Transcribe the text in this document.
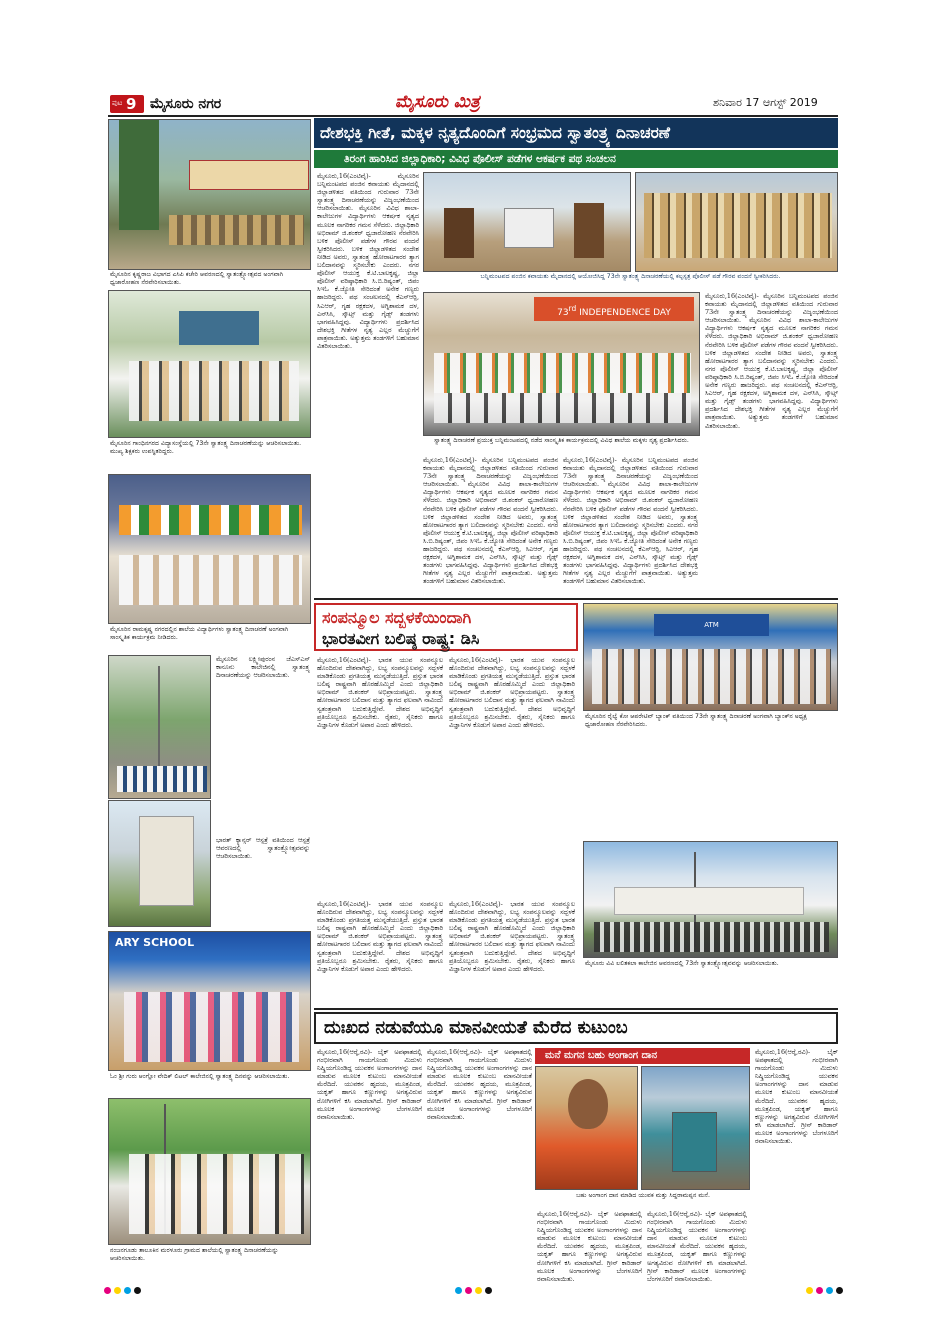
ಪುಟ 9 ಮೈಸೂರು ನಗರ	ಮೈಸೂರು ಮಿತ್ರ	ಶನಿವಾರ 17 ಆಗಸ್ಟ್ 2019
ಮೈಸೂರಿನ ಕೃಷ್ಣರಾಜ ವಿಭಾಗದ ಎಸಿಪಿ ಕಚೇರಿ ಆವರಣದಲ್ಲಿ ಸ್ವಾತಂತ್ರ್ಯೋತ್ಸವದ ಅಂಗವಾಗಿ ಧ್ವಜಾರೋಹಣ ನೆರವೇರಿಸಲಾಯಿತು.
ಮೈಸೂರಿನ ಗಾಂಧಿನಗರದ ವಿದ್ಯಾಸಂಸ್ಥೆಯಲ್ಲಿ 73ನೇ ಸ್ವಾತಂತ್ರ್ಯ ದಿನಾಚರಣೆಯನ್ನು ಆಚರಿಸಲಾಯಿತು. ಮುಖ್ಯ ಶಿಕ್ಷಕರು ಉಪಸ್ಥಿತರಿದ್ದರು.
ಮೈಸೂರಿನ ರಾಮಕೃಷ್ಣ ನಗರದಲ್ಲಿನ ಶಾಲೆಯ ವಿದ್ಯಾರ್ಥಿಗಳು ಸ್ವಾತಂತ್ರ್ಯ ದಿನಾಚರಣೆ ಅಂಗವಾಗಿ ಸಾಂಸ್ಕೃತಿಕ ಕಾರ್ಯಕ್ರಮ ನೀಡಿದರು.
ಮೈಸೂರಿನ ಲಕ್ಷ್ಮೀಪುರಂನ ಜೆಎಸ್‍ಎಸ್ ಕಾನೂನು ಕಾಲೇಜಿನಲ್ಲಿ ಸ್ವಾತಂತ್ರ್ಯ ದಿನಾಚರಣೆಯನ್ನು ಆಚರಿಸಲಾಯಿತು.
ಭಾರತ್ ಕ್ಯಾನ್ಸರ್ ಆಸ್ಪತ್ರೆ ವತಿಯಿಂದ ಆಸ್ಪತ್ರೆ ಆವರಣದಲ್ಲಿ ಸ್ವಾತಂತ್ರ್ಯೋತ್ಸವವನ್ನು ಆಚರಿಸಲಾಯಿತು.
ARY SCHOOL
ಓಂ ಶ್ರೀ ಗುರು ಆಂಗ್ಲೋ ವೇದಿಕ್ ಲಿಟಲ್ ಕಾಲೇಜಿನಲ್ಲಿ ಸ್ವಾತಂತ್ರ್ಯ ದಿನವನ್ನು ಆಚರಿಸಲಾಯಿತು.
ನಂಜನಗೂಡು ತಾಲೂಕಿನ ಮರಳೂರು ಗ್ರಾಮದ ಶಾಲೆಯಲ್ಲಿ ಸ್ವಾತಂತ್ರ್ಯ ದಿನಾಚರಣೆಯನ್ನು ಆಚರಿಸಲಾಯಿತು.
ದೇಶಭಕ್ತಿ ಗೀತೆ, ಮಕ್ಕಳ ನೃತ್ಯದೊಂದಿಗೆ ಸಂಭ್ರಮದ ಸ್ವಾತಂತ್ರ್ಯ ದಿನಾಚರಣೆ
ತಿರಂಗ ಹಾರಿಸಿದ ಜಿಲ್ಲಾಧಿಕಾರಿ; ವಿವಿಧ ಪೊಲೀಸ್ ಪಡೆಗಳ ಆಕರ್ಷಕ ಪಥ ಸಂಚಲನ
ಮೈಸೂರು,16(ಎಂಟಿವೈ)- ಮೈಸೂರಿನ ಬನ್ನಿಮಂಟಪದ ಪಂಜಿನ ಕವಾಯತು ಮೈದಾನದಲ್ಲಿ ಜಿಲ್ಲಾಡಳಿತದ ವತಿಯಿಂದ ಗುರುವಾರ 73ನೇ ಸ್ವಾತಂತ್ರ್ಯ ದಿನಾಚರಣೆಯನ್ನು ವಿಜೃಂಭಣೆಯಿಂದ ಆಚರಿಸಲಾಯಿತು. ಮೈಸೂರಿನ ವಿವಿಧ ಶಾಲಾ-ಕಾಲೇಜುಗಳ ವಿದ್ಯಾರ್ಥಿಗಳು ಆಕರ್ಷಕ ನೃತ್ಯದ ಮೂಲಕ ನಾಗರಿಕರ ಗಮನ ಸೆಳೆದರು. ಜಿಲ್ಲಾಧಿಕಾರಿ ಅಭಿರಾಮ್ ಜಿ.ಶಂಕರ್ ಧ್ವಜಾರೋಹಣ ನೆರವೇರಿಸಿ ಬಳಿಕ ಪೊಲೀಸ್ ಪಡೆಗಳ ಗೌರವ ವಂದನೆ ಸ್ವೀಕರಿಸಿದರು. ಬಳಿಕ ಜಿಲ್ಲಾಡಳಿತದ ಸಂದೇಶ ನೀಡಿದ ಅವರು, ಸ್ವಾತಂತ್ರ್ಯ ಹೋರಾಟಗಾರರ ತ್ಯಾಗ ಬಲಿದಾನವನ್ನು ಸ್ಮರಿಸಬೇಕು ಎಂದರು. ನಗರ ಪೊಲೀಸ್ ಆಯುಕ್ತ ಕೆ.ಟಿ.ಬಾಲಕೃಷ್ಣ, ಜಿಲ್ಲಾ ಪೊಲೀಸ್ ವರಿಷ್ಠಾಧಿಕಾರಿ ಸಿ.ಬಿ.ರಿಷ್ಯಂತ್, ಜಿಪಂ ಸಿಇಓ ಕೆ.ಜ್ಯೋತಿ ಸೇರಿದಂತೆ ಅನೇಕ ಗಣ್ಯರು ಹಾಜರಿದ್ದರು. ಪಥ ಸಂಚಲನದಲ್ಲಿ ಕೆಎಸ್‍ಆರ್‍ಪಿ, ಸಿಎಆರ್, ಗೃಹ ರಕ್ಷಕದಳ, ಅಗ್ನಿಶಾಮಕ ದಳ, ಎನ್‍ಸಿಸಿ, ಸ್ಕೌಟ್ಸ್ ಮತ್ತು ಗೈಡ್ಸ್ ತಂಡಗಳು ಭಾಗವಹಿಸಿದ್ದವು. ವಿದ್ಯಾರ್ಥಿಗಳು ಪ್ರದರ್ಶಿಸಿದ ದೇಶಭಕ್ತಿ ಗೀತೆಗಳ ನೃತ್ಯ ಎಲ್ಲರ ಮೆಚ್ಚುಗೆಗೆ ಪಾತ್ರವಾಯಿತು. ಅತ್ಯುತ್ತಮ ತಂಡಗಳಿಗೆ ಬಹುಮಾನ ವಿತರಿಸಲಾಯಿತು.
ಬನ್ನಿಮಂಟಪದ ಪಂಜಿನ ಕವಾಯತು ಮೈದಾನದಲ್ಲಿ ಆಯೋಜಿಸಿದ್ದ 73ನೇ ಸ್ವಾತಂತ್ರ್ಯ ದಿನಾಚರಣೆಯಲ್ಲಿ ಕಲ್ಪಸ್ಪತ್ರ ಪೊಲೀಸ್ ಪಡೆ ಗೌರವ ವಂದನೆ ಸ್ವೀಕರಿಸಿದರು.
73rd INDEPENDENCE DAY
ಸ್ವಾತಂತ್ರ್ಯ ದಿನಾಚರಣೆ ಪ್ರಯುಕ್ತ ಬನ್ನಿಮಂಟಪದಲ್ಲಿ ನಡೆದ ಸಾಂಸ್ಕೃತಿಕ ಕಾರ್ಯಕ್ರಮದಲ್ಲಿ ವಿವಿಧ ಶಾಲೆಯ ಮಕ್ಕಳು ನೃತ್ಯ ಪ್ರದರ್ಶಿಸಿದರು.
ಮೈಸೂರು,16(ಎಂಟಿವೈ)- ಮೈಸೂರಿನ ಬನ್ನಿಮಂಟಪದ ಪಂಜಿನ ಕವಾಯತು ಮೈದಾನದಲ್ಲಿ ಜಿಲ್ಲಾಡಳಿತದ ವತಿಯಿಂದ ಗುರುವಾರ 73ನೇ ಸ್ವಾತಂತ್ರ್ಯ ದಿನಾಚರಣೆಯನ್ನು ವಿಜೃಂಭಣೆಯಿಂದ ಆಚರಿಸಲಾಯಿತು. ಮೈಸೂರಿನ ವಿವಿಧ ಶಾಲಾ-ಕಾಲೇಜುಗಳ ವಿದ್ಯಾರ್ಥಿಗಳು ಆಕರ್ಷಕ ನೃತ್ಯದ ಮೂಲಕ ನಾಗರಿಕರ ಗಮನ ಸೆಳೆದರು. ಜಿಲ್ಲಾಧಿಕಾರಿ ಅಭಿರಾಮ್ ಜಿ.ಶಂಕರ್ ಧ್ವಜಾರೋಹಣ ನೆರವೇರಿಸಿ ಬಳಿಕ ಪೊಲೀಸ್ ಪಡೆಗಳ ಗೌರವ ವಂದನೆ ಸ್ವೀಕರಿಸಿದರು. ಬಳಿಕ ಜಿಲ್ಲಾಡಳಿತದ ಸಂದೇಶ ನೀಡಿದ ಅವರು, ಸ್ವಾತಂತ್ರ್ಯ ಹೋರಾಟಗಾರರ ತ್ಯಾಗ ಬಲಿದಾನವನ್ನು ಸ್ಮರಿಸಬೇಕು ಎಂದರು. ನಗರ ಪೊಲೀಸ್ ಆಯುಕ್ತ ಕೆ.ಟಿ.ಬಾಲಕೃಷ್ಣ, ಜಿಲ್ಲಾ ಪೊಲೀಸ್ ವರಿಷ್ಠಾಧಿಕಾರಿ ಸಿ.ಬಿ.ರಿಷ್ಯಂತ್, ಜಿಪಂ ಸಿಇಓ ಕೆ.ಜ್ಯೋತಿ ಸೇರಿದಂತೆ ಅನೇಕ ಗಣ್ಯರು ಹಾಜರಿದ್ದರು. ಪಥ ಸಂಚಲನದಲ್ಲಿ ಕೆಎಸ್‍ಆರ್‍ಪಿ, ಸಿಎಆರ್, ಗೃಹ ರಕ್ಷಕದಳ, ಅಗ್ನಿಶಾಮಕ ದಳ, ಎನ್‍ಸಿಸಿ, ಸ್ಕೌಟ್ಸ್ ಮತ್ತು ಗೈಡ್ಸ್ ತಂಡಗಳು ಭಾಗವಹಿಸಿದ್ದವು. ವಿದ್ಯಾರ್ಥಿಗಳು ಪ್ರದರ್ಶಿಸಿದ ದೇಶಭಕ್ತಿ ಗೀತೆಗಳ ನೃತ್ಯ ಎಲ್ಲರ ಮೆಚ್ಚುಗೆಗೆ ಪಾತ್ರವಾಯಿತು. ಅತ್ಯುತ್ತಮ ತಂಡಗಳಿಗೆ ಬಹುಮಾನ ವಿತರಿಸಲಾಯಿತು.
ಮೈಸೂರು,16(ಎಂಟಿವೈ)- ಮೈಸೂರಿನ ಬನ್ನಿಮಂಟಪದ ಪಂಜಿನ ಕವಾಯತು ಮೈದಾನದಲ್ಲಿ ಜಿಲ್ಲಾಡಳಿತದ ವತಿಯಿಂದ ಗುರುವಾರ 73ನೇ ಸ್ವಾತಂತ್ರ್ಯ ದಿನಾಚರಣೆಯನ್ನು ವಿಜೃಂಭಣೆಯಿಂದ ಆಚರಿಸಲಾಯಿತು. ಮೈಸೂರಿನ ವಿವಿಧ ಶಾಲಾ-ಕಾಲೇಜುಗಳ ವಿದ್ಯಾರ್ಥಿಗಳು ಆಕರ್ಷಕ ನೃತ್ಯದ ಮೂಲಕ ನಾಗರಿಕರ ಗಮನ ಸೆಳೆದರು. ಜಿಲ್ಲಾಧಿಕಾರಿ ಅಭಿರಾಮ್ ಜಿ.ಶಂಕರ್ ಧ್ವಜಾರೋಹಣ ನೆರವೇರಿಸಿ ಬಳಿಕ ಪೊಲೀಸ್ ಪಡೆಗಳ ಗೌರವ ವಂದನೆ ಸ್ವೀಕರಿಸಿದರು. ಬಳಿಕ ಜಿಲ್ಲಾಡಳಿತದ ಸಂದೇಶ ನೀಡಿದ ಅವರು, ಸ್ವಾತಂತ್ರ್ಯ ಹೋರಾಟಗಾರರ ತ್ಯಾಗ ಬಲಿದಾನವನ್ನು ಸ್ಮರಿಸಬೇಕು ಎಂದರು. ನಗರ ಪೊಲೀಸ್ ಆಯುಕ್ತ ಕೆ.ಟಿ.ಬಾಲಕೃಷ್ಣ, ಜಿಲ್ಲಾ ಪೊಲೀಸ್ ವರಿಷ್ಠಾಧಿಕಾರಿ ಸಿ.ಬಿ.ರಿಷ್ಯಂತ್, ಜಿಪಂ ಸಿಇಓ ಕೆ.ಜ್ಯೋತಿ ಸೇರಿದಂತೆ ಅನೇಕ ಗಣ್ಯರು ಹಾಜರಿದ್ದರು. ಪಥ ಸಂಚಲನದಲ್ಲಿ ಕೆಎಸ್‍ಆರ್‍ಪಿ, ಸಿಎಆರ್, ಗೃಹ ರಕ್ಷಕದಳ, ಅಗ್ನಿಶಾಮಕ ದಳ, ಎನ್‍ಸಿಸಿ, ಸ್ಕೌಟ್ಸ್ ಮತ್ತು ಗೈಡ್ಸ್ ತಂಡಗಳು ಭಾಗವಹಿಸಿದ್ದವು. ವಿದ್ಯಾರ್ಥಿಗಳು ಪ್ರದರ್ಶಿಸಿದ ದೇಶಭಕ್ತಿ ಗೀತೆಗಳ ನೃತ್ಯ ಎಲ್ಲರ ಮೆಚ್ಚುಗೆಗೆ ಪಾತ್ರವಾಯಿತು. ಅತ್ಯುತ್ತಮ ತಂಡಗಳಿಗೆ ಬಹುಮಾನ ವಿತರಿಸಲಾಯಿತು.
ಮೈಸೂರು,16(ಎಂಟಿವೈ)- ಮೈಸೂರಿನ ಬನ್ನಿಮಂಟಪದ ಪಂಜಿನ ಕವಾಯತು ಮೈದಾನದಲ್ಲಿ ಜಿಲ್ಲಾಡಳಿತದ ವತಿಯಿಂದ ಗುರುವಾರ 73ನೇ ಸ್ವಾತಂತ್ರ್ಯ ದಿನಾಚರಣೆಯನ್ನು ವಿಜೃಂಭಣೆಯಿಂದ ಆಚರಿಸಲಾಯಿತು. ಮೈಸೂರಿನ ವಿವಿಧ ಶಾಲಾ-ಕಾಲೇಜುಗಳ ವಿದ್ಯಾರ್ಥಿಗಳು ಆಕರ್ಷಕ ನೃತ್ಯದ ಮೂಲಕ ನಾಗರಿಕರ ಗಮನ ಸೆಳೆದರು. ಜಿಲ್ಲಾಧಿಕಾರಿ ಅಭಿರಾಮ್ ಜಿ.ಶಂಕರ್ ಧ್ವಜಾರೋಹಣ ನೆರವೇರಿಸಿ ಬಳಿಕ ಪೊಲೀಸ್ ಪಡೆಗಳ ಗೌರವ ವಂದನೆ ಸ್ವೀಕರಿಸಿದರು. ಬಳಿಕ ಜಿಲ್ಲಾಡಳಿತದ ಸಂದೇಶ ನೀಡಿದ ಅವರು, ಸ್ವಾತಂತ್ರ್ಯ ಹೋರಾಟಗಾರರ ತ್ಯಾಗ ಬಲಿದಾನವನ್ನು ಸ್ಮರಿಸಬೇಕು ಎಂದರು. ನಗರ ಪೊಲೀಸ್ ಆಯುಕ್ತ ಕೆ.ಟಿ.ಬಾಲಕೃಷ್ಣ, ಜಿಲ್ಲಾ ಪೊಲೀಸ್ ವರಿಷ್ಠಾಧಿಕಾರಿ ಸಿ.ಬಿ.ರಿಷ್ಯಂತ್, ಜಿಪಂ ಸಿಇಓ ಕೆ.ಜ್ಯೋತಿ ಸೇರಿದಂತೆ ಅನೇಕ ಗಣ್ಯರು ಹಾಜರಿದ್ದರು. ಪಥ ಸಂಚಲನದಲ್ಲಿ ಕೆಎಸ್‍ಆರ್‍ಪಿ, ಸಿಎಆರ್, ಗೃಹ ರಕ್ಷಕದಳ, ಅಗ್ನಿಶಾಮಕ ದಳ, ಎನ್‍ಸಿಸಿ, ಸ್ಕೌಟ್ಸ್ ಮತ್ತು ಗೈಡ್ಸ್ ತಂಡಗಳು ಭಾಗವಹಿಸಿದ್ದವು. ವಿದ್ಯಾರ್ಥಿಗಳು ಪ್ರದರ್ಶಿಸಿದ ದೇಶಭಕ್ತಿ ಗೀತೆಗಳ ನೃತ್ಯ ಎಲ್ಲರ ಮೆಚ್ಚುಗೆಗೆ ಪಾತ್ರವಾಯಿತು. ಅತ್ಯುತ್ತಮ ತಂಡಗಳಿಗೆ ಬಹುಮಾನ ವಿತರಿಸಲಾಯಿತು.
ಸಂಪನ್ಮೂಲ ಸದ್ಬಳಕೆಯಿಂದಾಗಿ
ಭಾರತವೀಗ ಬಲಿಷ್ಠ ರಾಷ್ಟ್ರ: ಡಿಸಿ
ಮೈಸೂರು,16(ಎಂಟಿವೈ)- ಭಾರತ ಯುವ ಸಂಪನ್ಮೂಲ ಹೊಂದಿರುವ ದೇಶವಾಗಿದ್ದು, ಲಭ್ಯ ಸಂಪನ್ಮೂಲವನ್ನು ಸದ್ಬಳಕೆ ಮಾಡಿಕೊಂಡು ಪ್ರಗತಿಯತ್ತ ಮುನ್ನಡೆಯುತ್ತಿದೆ. ಪ್ರಸ್ತುತ ಭಾರತ ಬಲಿಷ್ಠ ರಾಷ್ಟ್ರವಾಗಿ ಹೊರಹೊಮ್ಮಿದೆ ಎಂದು ಜಿಲ್ಲಾಧಿಕಾರಿ ಅಭಿರಾಮ್ ಜಿ.ಶಂಕರ್ ಅಭಿಪ್ರಾಯಪಟ್ಟರು. ಸ್ವಾತಂತ್ರ್ಯ ಹೋರಾಟಗಾರರ ಬಲಿದಾನ ಮತ್ತು ತ್ಯಾಗದ ಫಲವಾಗಿ ನಾವಿಂದು ಸ್ವತಂತ್ರವಾಗಿ ಬದುಕುತ್ತಿದ್ದೇವೆ. ದೇಶದ ಅಭಿವೃದ್ಧಿಗೆ ಪ್ರತಿಯೊಬ್ಬರೂ ಶ್ರಮಿಸಬೇಕು. ರೈತರು, ಸೈನಿಕರು ಹಾಗೂ ವಿಜ್ಞಾನಿಗಳ ಕೊಡುಗೆ ಅಪಾರ ಎಂದು ಹೇಳಿದರು.
ಮೈಸೂರು,16(ಎಂಟಿವೈ)- ಭಾರತ ಯುವ ಸಂಪನ್ಮೂಲ ಹೊಂದಿರುವ ದೇಶವಾಗಿದ್ದು, ಲಭ್ಯ ಸಂಪನ್ಮೂಲವನ್ನು ಸದ್ಬಳಕೆ ಮಾಡಿಕೊಂಡು ಪ್ರಗತಿಯತ್ತ ಮುನ್ನಡೆಯುತ್ತಿದೆ. ಪ್ರಸ್ತುತ ಭಾರತ ಬಲಿಷ್ಠ ರಾಷ್ಟ್ರವಾಗಿ ಹೊರಹೊಮ್ಮಿದೆ ಎಂದು ಜಿಲ್ಲಾಧಿಕಾರಿ ಅಭಿರಾಮ್ ಜಿ.ಶಂಕರ್ ಅಭಿಪ್ರಾಯಪಟ್ಟರು. ಸ್ವಾತಂತ್ರ್ಯ ಹೋರಾಟಗಾರರ ಬಲಿದಾನ ಮತ್ತು ತ್ಯಾಗದ ಫಲವಾಗಿ ನಾವಿಂದು ಸ್ವತಂತ್ರವಾಗಿ ಬದುಕುತ್ತಿದ್ದೇವೆ. ದೇಶದ ಅಭಿವೃದ್ಧಿಗೆ ಪ್ರತಿಯೊಬ್ಬರೂ ಶ್ರಮಿಸಬೇಕು. ರೈತರು, ಸೈನಿಕರು ಹಾಗೂ ವಿಜ್ಞಾನಿಗಳ ಕೊಡುಗೆ ಅಪಾರ ಎಂದು ಹೇಳಿದರು.
ಮೈಸೂರು,16(ಎಂಟಿವೈ)- ಭಾರತ ಯುವ ಸಂಪನ್ಮೂಲ ಹೊಂದಿರುವ ದೇಶವಾಗಿದ್ದು, ಲಭ್ಯ ಸಂಪನ್ಮೂಲವನ್ನು ಸದ್ಬಳಕೆ ಮಾಡಿಕೊಂಡು ಪ್ರಗತಿಯತ್ತ ಮುನ್ನಡೆಯುತ್ತಿದೆ. ಪ್ರಸ್ತುತ ಭಾರತ ಬಲಿಷ್ಠ ರಾಷ್ಟ್ರವಾಗಿ ಹೊರಹೊಮ್ಮಿದೆ ಎಂದು ಜಿಲ್ಲಾಧಿಕಾರಿ ಅಭಿರಾಮ್ ಜಿ.ಶಂಕರ್ ಅಭಿಪ್ರಾಯಪಟ್ಟರು. ಸ್ವಾತಂತ್ರ್ಯ ಹೋರಾಟಗಾರರ ಬಲಿದಾನ ಮತ್ತು ತ್ಯಾಗದ ಫಲವಾಗಿ ನಾವಿಂದು ಸ್ವತಂತ್ರವಾಗಿ ಬದುಕುತ್ತಿದ್ದೇವೆ. ದೇಶದ ಅಭಿವೃದ್ಧಿಗೆ ಪ್ರತಿಯೊಬ್ಬರೂ ಶ್ರಮಿಸಬೇಕು. ರೈತರು, ಸೈನಿಕರು ಹಾಗೂ ವಿಜ್ಞಾನಿಗಳ ಕೊಡುಗೆ ಅಪಾರ ಎಂದು ಹೇಳಿದರು.
ಮೈಸೂರು,16(ಎಂಟಿವೈ)- ಭಾರತ ಯುವ ಸಂಪನ್ಮೂಲ ಹೊಂದಿರುವ ದೇಶವಾಗಿದ್ದು, ಲಭ್ಯ ಸಂಪನ್ಮೂಲವನ್ನು ಸದ್ಬಳಕೆ ಮಾಡಿಕೊಂಡು ಪ್ರಗತಿಯತ್ತ ಮುನ್ನಡೆಯುತ್ತಿದೆ. ಪ್ರಸ್ತುತ ಭಾರತ ಬಲಿಷ್ಠ ರಾಷ್ಟ್ರವಾಗಿ ಹೊರಹೊಮ್ಮಿದೆ ಎಂದು ಜಿಲ್ಲಾಧಿಕಾರಿ ಅಭಿರಾಮ್ ಜಿ.ಶಂಕರ್ ಅಭಿಪ್ರಾಯಪಟ್ಟರು. ಸ್ವಾತಂತ್ರ್ಯ ಹೋರಾಟಗಾರರ ಬಲಿದಾನ ಮತ್ತು ತ್ಯಾಗದ ಫಲವಾಗಿ ನಾವಿಂದು ಸ್ವತಂತ್ರವಾಗಿ ಬದುಕುತ್ತಿದ್ದೇವೆ. ದೇಶದ ಅಭಿವೃದ್ಧಿಗೆ ಪ್ರತಿಯೊಬ್ಬರೂ ಶ್ರಮಿಸಬೇಕು. ರೈತರು, ಸೈನಿಕರು ಹಾಗೂ ವಿಜ್ಞಾನಿಗಳ ಕೊಡುಗೆ ಅಪಾರ ಎಂದು ಹೇಳಿದರು.
ATM
ಮೈಸೂರಿನ ರೈಲ್ವೆ ಕೋ ಆಪರೇಟಿವ್ ಬ್ಯಾಂಕ್ ವತಿಯಿಂದ 73ನೇ ಸ್ವಾತಂತ್ರ್ಯ ದಿನಾಚರಣೆ ಅಂಗವಾಗಿ ಬ್ಯಾಂಕ್‍ನ ಅಧ್ಯಕ್ಷ ಧ್ವಜಾರೋಹಣ ನೆರವೇರಿಸಿದರು.
ಮೈಸೂರು ವಿವಿ ಲಲಿತಕಲಾ ಕಾಲೇಜಿನ ಆವರಣದಲ್ಲಿ 73ನೇ ಸ್ವಾತಂತ್ರ್ಯೋತ್ಸವವನ್ನು ಆಚರಿಸಲಾಯಿತು.
ದುಃಖದ ನಡುವೆಯೂ ಮಾನವೀಯತೆ ಮೆರೆದ ಕುಟುಂಬ
ಮೈಸೂರು,16(ಆರ್‍ಕೆ,ರವಿ)- ಬೈಕ್ ಅಪಘಾತದಲ್ಲಿ ಗಂಭೀರವಾಗಿ ಗಾಯಗೊಂಡು ಮಿದುಳು ನಿಷ್ಕ್ರಿಯಗೊಂಡಿದ್ದ ಯುವಕನ ಅಂಗಾಂಗಗಳನ್ನು ದಾನ ಮಾಡುವ ಮೂಲಕ ಕುಟುಂಬ ಮಾನವೀಯತೆ ಮೆರೆದಿದೆ. ಯುವಕನ ಹೃದಯ, ಮೂತ್ರಪಿಂಡ, ಯಕೃತ್ ಹಾಗೂ ಕಣ್ಣುಗಳನ್ನು ಅಗತ್ಯವಿರುವ ರೋಗಿಗಳಿಗೆ ಕಸಿ ಮಾಡಲಾಗಿದೆ. ಗ್ರೀನ್ ಕಾರಿಡಾರ್ ಮೂಲಕ ಅಂಗಾಂಗಗಳನ್ನು ಬೆಂಗಳೂರಿಗೆ ರವಾನಿಸಲಾಯಿತು.
ಮೈಸೂರು,16(ಆರ್‍ಕೆ,ರವಿ)- ಬೈಕ್ ಅಪಘಾತದಲ್ಲಿ ಗಂಭೀರವಾಗಿ ಗಾಯಗೊಂಡು ಮಿದುಳು ನಿಷ್ಕ್ರಿಯಗೊಂಡಿದ್ದ ಯುವಕನ ಅಂಗಾಂಗಗಳನ್ನು ದಾನ ಮಾಡುವ ಮೂಲಕ ಕುಟುಂಬ ಮಾನವೀಯತೆ ಮೆರೆದಿದೆ. ಯುವಕನ ಹೃದಯ, ಮೂತ್ರಪಿಂಡ, ಯಕೃತ್ ಹಾಗೂ ಕಣ್ಣುಗಳನ್ನು ಅಗತ್ಯವಿರುವ ರೋಗಿಗಳಿಗೆ ಕಸಿ ಮಾಡಲಾಗಿದೆ. ಗ್ರೀನ್ ಕಾರಿಡಾರ್ ಮೂಲಕ ಅಂಗಾಂಗಗಳನ್ನು ಬೆಂಗಳೂರಿಗೆ ರವಾನಿಸಲಾಯಿತು.
ಮನೆ ಮಗನ ಬಹು ಅಂಗಾಂಗ ದಾನ
ಬಹು ಅಂಗಾಂಗ ದಾನ ಮಾಡಿದ ಯುವಕ ಮತ್ತು ಸಿದ್ದರಾಮಪ್ಪನ ಮನೆ.
ಮೈಸೂರು,16(ಆರ್‍ಕೆ,ರವಿ)- ಬೈಕ್ ಅಪಘಾತದಲ್ಲಿ ಗಂಭೀರವಾಗಿ ಗಾಯಗೊಂಡು ಮಿದುಳು ನಿಷ್ಕ್ರಿಯಗೊಂಡಿದ್ದ ಯುವಕನ ಅಂಗಾಂಗಗಳನ್ನು ದಾನ ಮಾಡುವ ಮೂಲಕ ಕುಟುಂಬ ಮಾನವೀಯತೆ ಮೆರೆದಿದೆ. ಯುವಕನ ಹೃದಯ, ಮೂತ್ರಪಿಂಡ, ಯಕೃತ್ ಹಾಗೂ ಕಣ್ಣುಗಳನ್ನು ಅಗತ್ಯವಿರುವ ರೋಗಿಗಳಿಗೆ ಕಸಿ ಮಾಡಲಾಗಿದೆ. ಗ್ರೀನ್ ಕಾರಿಡಾರ್ ಮೂಲಕ ಅಂಗಾಂಗಗಳನ್ನು ಬೆಂಗಳೂರಿಗೆ ರವಾನಿಸಲಾಯಿತು.
ಮೈಸೂರು,16(ಆರ್‍ಕೆ,ರವಿ)- ಬೈಕ್ ಅಪಘಾತದಲ್ಲಿ ಗಂಭೀರವಾಗಿ ಗಾಯಗೊಂಡು ಮಿದುಳು ನಿಷ್ಕ್ರಿಯಗೊಂಡಿದ್ದ ಯುವಕನ ಅಂಗಾಂಗಗಳನ್ನು ದಾನ ಮಾಡುವ ಮೂಲಕ ಕುಟುಂಬ ಮಾನವೀಯತೆ ಮೆರೆದಿದೆ. ಯುವಕನ ಹೃದಯ, ಮೂತ್ರಪಿಂಡ, ಯಕೃತ್ ಹಾಗೂ ಕಣ್ಣುಗಳನ್ನು ಅಗತ್ಯವಿರುವ ರೋಗಿಗಳಿಗೆ ಕಸಿ ಮಾಡಲಾಗಿದೆ. ಗ್ರೀನ್ ಕಾರಿಡಾರ್ ಮೂಲಕ ಅಂಗಾಂಗಗಳನ್ನು ಬೆಂಗಳೂರಿಗೆ ರವಾನಿಸಲಾಯಿತು.
ಮೈಸೂರು,16(ಆರ್‍ಕೆ,ರವಿ)- ಬೈಕ್ ಅಪಘಾತದಲ್ಲಿ ಗಂಭೀರವಾಗಿ ಗಾಯಗೊಂಡು ಮಿದುಳು ನಿಷ್ಕ್ರಿಯಗೊಂಡಿದ್ದ ಯುವಕನ ಅಂಗಾಂಗಗಳನ್ನು ದಾನ ಮಾಡುವ ಮೂಲಕ ಕುಟುಂಬ ಮಾನವೀಯತೆ ಮೆರೆದಿದೆ. ಯುವಕನ ಹೃದಯ, ಮೂತ್ರಪಿಂಡ, ಯಕೃತ್ ಹಾಗೂ ಕಣ್ಣುಗಳನ್ನು ಅಗತ್ಯವಿರುವ ರೋಗಿಗಳಿಗೆ ಕಸಿ ಮಾಡಲಾಗಿದೆ. ಗ್ರೀನ್ ಕಾರಿಡಾರ್ ಮೂಲಕ ಅಂಗಾಂಗಗಳನ್ನು ಬೆಂಗಳೂರಿಗೆ ರವಾನಿಸಲಾಯಿತು.
